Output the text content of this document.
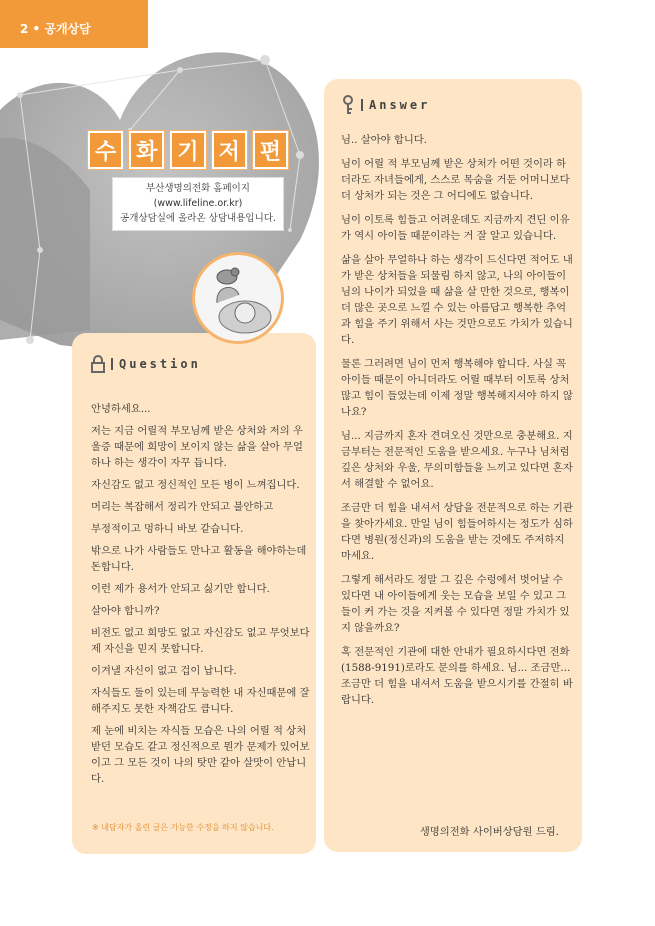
2 • 공개상담
수 화 기 저 편
부산생명의전화 홈페이지
(www.lifeline.or.kr)
공개상담실에 올라온 상담내용입니다.
Answer

님.. 살아야 합니다.

님이 어릴 적 부모님께 받은 상처가 어떤 것이라 하더라도 자녀들에게, 스스로 목숨을 거둔 어머니보다 더 상처가 되는 것은 그 어디에도 없습니다.

님이 이토록 힘들고 어려운데도 지금까지 견딘 이유가 역시 아이들 때문이라는 거 잘 알고 있습니다.

삶을 살아 무얼하나 하는 생각이 드신다면 적어도 내가 받은 상처들을 되물림 하지 않고, 나의 아이들이 님의 나이가 되었을 때 삶을 살 만한 것으로, 행복이 더 많은 곳으로 느낄 수 있는 아름답고 행복한 추억과 힘을 주기 위해서 사는 것만으로도 가치가 있습니다.

물론 그러려면 님이 먼저 행복해야 합니다. 사실 꼭 아이들 때문이 아니더라도 어릴 때부터 이토록 상처 많고 힘이 들었는데 이제 정말 행복해지셔야 하지 않나요?

님... 지금까지 혼자 견뎌오신 것만으로 충분해요. 지금부터는 전문적인 도움을 받으세요. 누구나 님처럼 깊은 상처와 우울, 무의미함들을 느끼고 있다면 혼자서 해결할 수 없어요.

조금만 더 힘을 내셔서 상담을 전문적으로 하는 기관을 찾아가세요. 만일 님이 힘들어하시는 정도가 심하다면 병원(정신과)의 도움을 받는 것에도 주저하지 마세요.

그렇게 해서라도 정말 그 깊은 수렁에서 벗어날 수 있다면 내 아이들에게 웃는 모습을 보일 수 있고 그들이 커 가는 것을 지켜볼 수 있다면 정말 가치가 있지 않을까요?

혹 전문적인 기관에 대한 안내가 필요하시다면 전화(1588-9191)로라도 문의를 하세요. 님... 조금만... 조금만 더 힘을 내셔서 도움을 받으시기를 간절히 바랍니다.

생명의전화 사이버상담원 드림.
Question

안녕하세요...

저는 지금 어릴적 부모님께 받은 상처와 저의 우울증 때문에 희망이 보이지 않는 삶을 살아 무얼하나 하는 생각이 자꾸 듭니다.

자신감도 없고 정신적인 모든 병이 느껴집니다.

머리는 복잡해서 정리가 안되고 불안하고

부정적이고 멍하니 바보 같습니다.

밖으로 나가 사람들도 만나고 활동을 해야하는데 돈합니다.

이런 제가 용서가 안되고 싫기만 합니다.

살아야 합니까?

비전도 없고 희망도 없고 자신감도 없고 무엇보다 제 자신을 믿지 못합니다.

이겨낼 자신이 없고 겁이 납니다.

자식들도 둘이 있는데 무능력한 내 자신때문에 잘 해주지도 못한 자책감도 큽니다.

제 눈에 비치는 자식들 모습은 나의 어릴 적 상처 받던 모습도 같고 정신적으로 뭔가 문제가 있어보이고 그 모든 것이 나의 탓만 같아 살맛이 안납니다.

※ 내담자가 올린 글은 가능한 수정을 하지 않습니다.
